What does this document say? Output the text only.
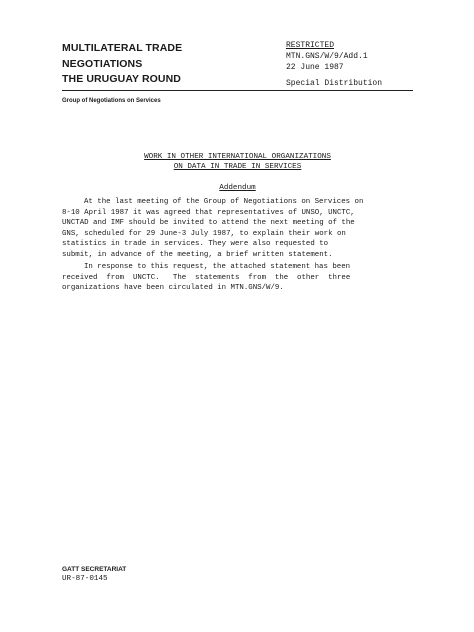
MULTILATERAL TRADE
NEGOTIATIONS
THE URUGUAY ROUND
RESTRICTED
MTN.GNS/W/9/Add.1
22 June 1987
Special Distribution
Group of Negotiations on Services
WORK IN OTHER INTERNATIONAL ORGANIZATIONS
ON DATA IN TRADE IN SERVICES
Addendum
At the last meeting of the Group of Negotiations on Services on
8-10 April 1987 it was agreed that representatives of UNSO, UNCTC,
UNCTAD and IMF should be invited to attend the next meeting of the
GNS, scheduled for 29 June-3 July 1987, to explain their work on
statistics in trade in services. They were also requested to
submit, in advance of the meeting, a brief written statement.
In response to this request, the attached statement has been
received  from  UNCTC.   The  statements  from  the  other  three
organizations have been circulated in MTN.GNS/W/9.
GATT SECRETARIAT
UR-87-0145
